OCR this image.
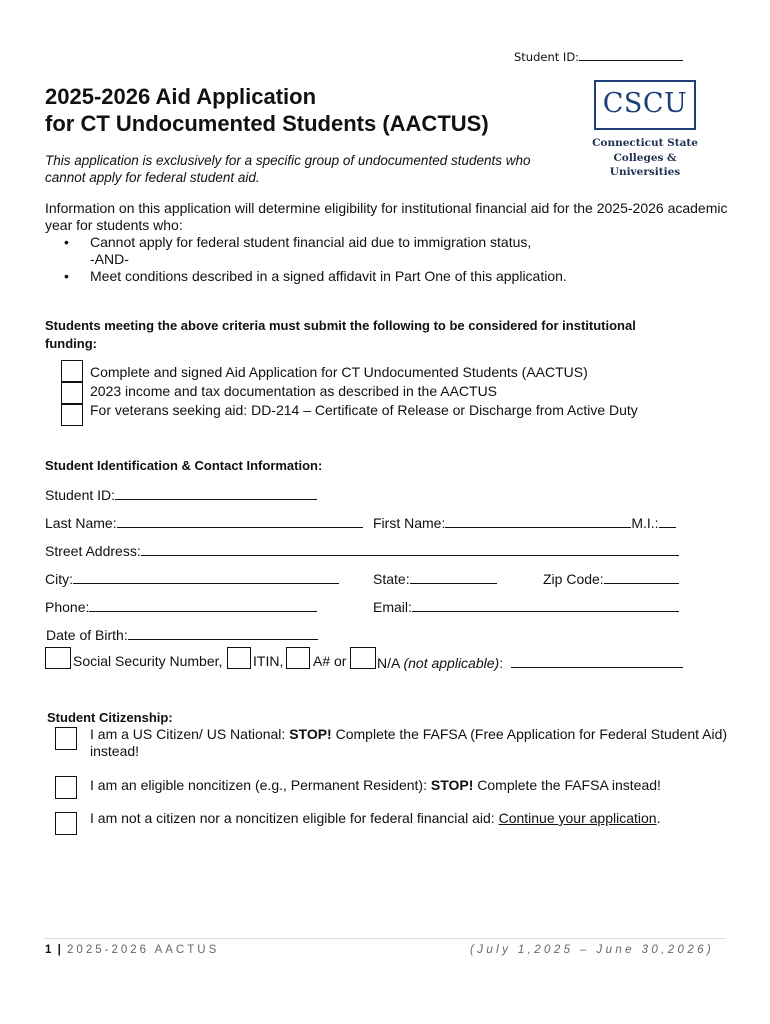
Student ID:
2025-2026 Aid Application
for CT Undocumented Students (AACTUS)
CSCU
Connecticut State
Colleges & Universities
This application is exclusively for a specific group of undocumented students who
cannot apply for federal student aid.
Information on this application will determine eligibility for institutional financial aid for the 2025-2026 academic
year for students who:
• Cannot apply for federal student financial aid due to immigration status,
-AND-
• Meet conditions described in a signed affidavit in Part One of this application.
Students meeting the above criteria must submit the following to be considered for institutional
funding:
Complete and signed Aid Application for CT Undocumented Students (AACTUS)
2023 income and tax documentation as described in the AACTUS
For veterans seeking aid: DD-214 – Certificate of Release or Discharge from Active Duty
Student Identification & Contact Information:
Student ID:
Last Name:	First Name:	M.I.:
Street Address:
City:	State:	Zip Code:
Phone:	Email:
Date of Birth:
Social Security Number, ITIN, A# or N/A (not applicable):
Student Citizenship:
I am a US Citizen/ US National: STOP! Complete the FAFSA (Free Application for Federal Student Aid)
instead!
I am an eligible noncitizen (e.g., Permanent Resident): STOP! Complete the FAFSA instead!
I am not a citizen nor a noncitizen eligible for federal financial aid: Continue your application.
1 | 2025-2026 AACTUS	(July 1,2025 – June 30,2026)
